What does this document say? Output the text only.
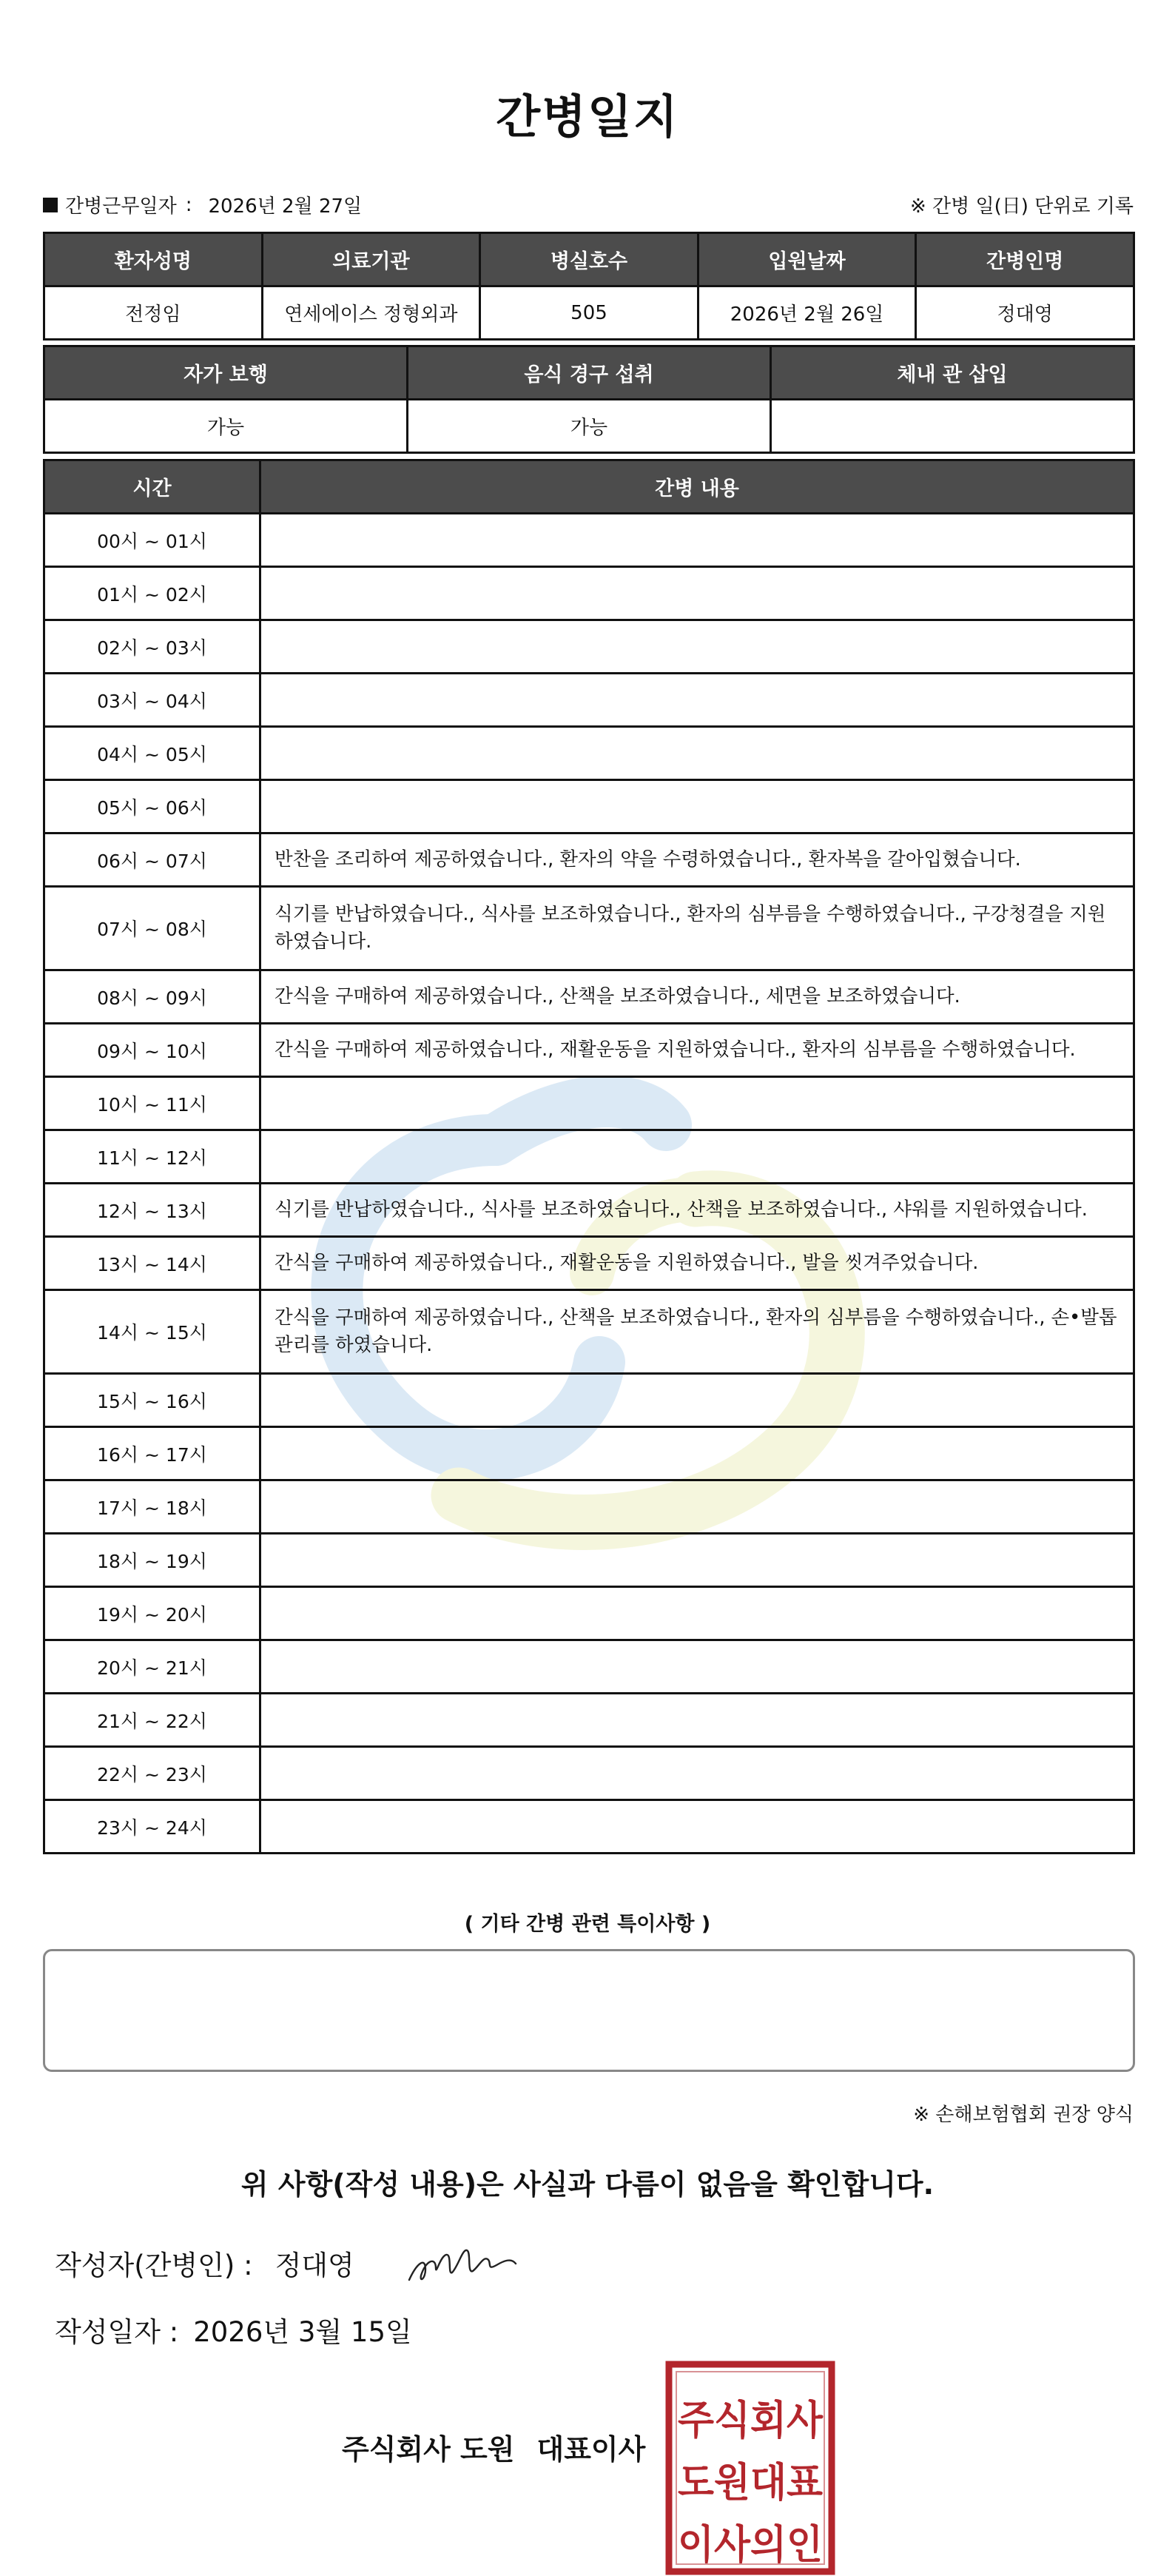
간병일지
간병근무일자 : 2026년 2월 27일	※ 간병 일(日) 단위로 기록
환자성명	의료기관	병실호수	입원날짜	간병인명
전정임	연세에이스 정형외과	505	2026년 2월 26일	정대영
자가 보행	음식 경구 섭취	체내 관 삽입
가능	가능	
시간	간병 내용
00시 ~ 01시	
01시 ~ 02시	
02시 ~ 03시	
03시 ~ 04시	
04시 ~ 05시	
05시 ~ 06시	
06시 ~ 07시	반찬을 조리하여 제공하였습니다., 환자의 약을 수령하였습니다., 환자복을 갈아입혔습니다.
07시 ~ 08시	식기를 반납하였습니다., 식사를 보조하였습니다., 환자의 심부름을 수행하였습니다., 구강청결을 지원하였습니다.
08시 ~ 09시	간식을 구매하여 제공하였습니다., 산책을 보조하였습니다., 세면을 보조하였습니다.
09시 ~ 10시	간식을 구매하여 제공하였습니다., 재활운동을 지원하였습니다., 환자의 심부름을 수행하였습니다.
10시 ~ 11시	
11시 ~ 12시	
12시 ~ 13시	식기를 반납하였습니다., 식사를 보조하였습니다., 산책을 보조하였습니다., 샤워를 지원하였습니다.
13시 ~ 14시	간식을 구매하여 제공하였습니다., 재활운동을 지원하였습니다., 발을 씻겨주었습니다.
14시 ~ 15시	간식을 구매하여 제공하였습니다., 산책을 보조하였습니다., 환자의 심부름을 수행하였습니다., 손•발톱 관리를 하였습니다.
15시 ~ 16시	
16시 ~ 17시	
17시 ~ 18시	
18시 ~ 19시	
19시 ~ 20시	
20시 ~ 21시	
21시 ~ 22시	
22시 ~ 23시	
23시 ~ 24시	
( 기타 간병 관련 특이사항 )
※ 손해보험협회 권장 양식
위 사항(작성 내용)은 사실과 다름이 없음을 확인합니다.
작성자(간병인) : 정대영
작성일자 : 2026년 3월 15일
주식회사 도원 대표이사
주식회사
도원대표
이사의인
